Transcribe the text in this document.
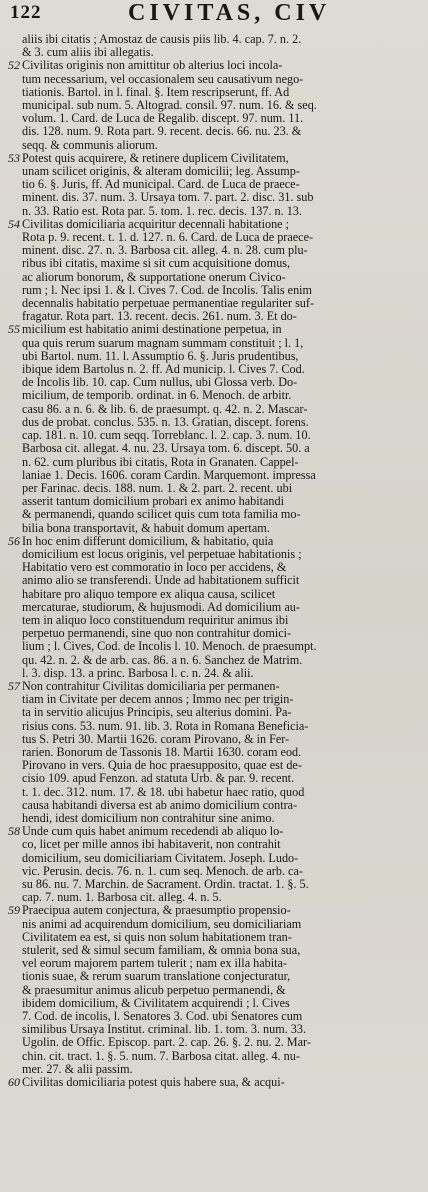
122	CIVITAS, CIV
aliis ibi citatis ; Amostaz de causis piis lib. 4. cap. 7. n. 2.
& 3. cum aliis ibi allegatis.
52 Civilitas originis non amittitur ob alterius loci incola-
tum necessarium, vel occasionalem seu causativum nego-
tiationis. Bartol. in l. final. §. Item rescripserunt, ff. Ad
municipal. sub num. 5. Altograd. consil. 97. num. 16. & seq.
volum. 1. Card. de Luca de Regalib. discept. 97. num. 11.
dis. 128. num. 9. Rota part. 9. recent. decis. 66. nu. 23. &
seqq. & communis aliorum.
53 Potest quis acquirere, & retinere duplicem Civilitatem,
unam scilicet originis, & alteram domicilii; leg. Assump-
tio 6. §. Juris, ff. Ad municipal. Card. de Luca de praece-
minent. dis. 37. num. 3. Ursaya tom. 7. part. 2. disc. 31. sub
n. 33. Ratio est. Rota par. 5. tom. 1. rec. decis. 137. n. 13.
54 Civilitas domiciliaria acquiritur decennali habitatione ;
Rota p. 9. recent. t. 1. d. 127. n. 6. Card. de Luca de praece-
minent. disc. 27. n. 3. Barbosa cit. alleg. 4. n. 28. cum plu-
ribus ibi citatis, maxime si sit cum acquisitione domus,
ac aliorum bonorum, & supportatione onerum Civico-
rum ; l. Nec ipsi 1. & l. Cives 7. Cod. de Incolis. Talis enim
decennalis habitatio perpetuae permanentiae regulariter suf-
fragatur. Rota part. 13. recent. decis. 261. num. 3. Et do-
55 micilium est habitatio animi destinatione perpetua, in
qua quis rerum suarum magnam summam constituit ; l. 1,
ubi Bartol. num. 11. l. Assumptio 6. §. Juris prudentibus,
ibique idem Bartolus n. 2. ff. Ad municip. l. Cives 7. Cod.
de Incolis lib. 10. cap. Cum nullus, ubi Glossa verb. Do-
micilium, de temporib. ordinat. in 6. Menoch. de arbitr.
casu 86. a n. 6. & lib. 6. de praesumpt. q. 42. n. 2. Mascar-
dus de probat. conclus. 535. n. 13. Gratian, discept. forens.
cap. 181. n. 10. cum seqq. Torreblanc. l. 2. cap. 3. num. 10.
Barbosa cit. allegat. 4. nu. 23. Ursaya tom. 6. discept. 50. a
n. 62. cum pluribus ibi citatis, Rota in Granaten. Cappel-
laniae 1. Decis. 1606. coram Cardin. Marquemont. impressa
per Farinac. decis. 188. num. 1. & 2. part. 2. recent. ubi
asserit tantum domicilium probari ex animo habitandi
& permanendi, quando scilicet quis cum tota familia mo-
bilia bona transportavit, & habuit domum apertam.
56 In hoc enim differunt domicilium, & habitatio, quia
domicilium est locus originis, vel perpetuae habitationis ;
Habitatio vero est commoratio in loco per accidens, &
animo alio se transferendi. Unde ad habitationem sufficit
habitare pro aliquo tempore ex aliqua causa, scilicet
mercaturae, studiorum, & hujusmodi. Ad domicilium au-
tem in aliquo loco constituendum requiritur animus ibi
perpetuo permanendi, sine quo non contrahitur domici-
lium ; l. Cives, Cod. de Incolis l. 10. Menoch. de praesumpt.
qu. 42. n. 2. & de arb. cas. 86. a n. 6. Sanchez de Matrim.
l. 3. disp. 13. a princ. Barbosa l. c. n. 24. & alii.
57 Non contrahitur Civilitas domiciliaria per permanen-
tiam in Civitate per decem annos ; Immo nec per trigin-
ta in servitio alicujus Principis, seu alterius domini. Pa-
risius cons. 53. num. 91. lib. 3. Rota in Romana Beneficia-
tus S. Petri 30. Martii 1626. coram Pirovano, & in Fer-
rarien. Bonorum de Tassonis 18. Martii 1630. coram eod.
Pirovano in vers. Quia de hoc praesupposito, quae est de-
cisio 109. apud Fenzon. ad statuta Urb. & par. 9. recent.
t. 1. dec. 312. num. 17. & 18. ubi habetur haec ratio, quod
causa habitandi diversa est ab animo domicilium contra-
hendi, idest domicilium non contrahitur sine animo.
58 Unde cum quis habet animum recedendi ab aliquo lo-
co, licet per mille annos ibi habitaverit, non contrahit
domicilium, seu domiciliariam Civitatem. Joseph. Ludo-
vic. Perusin. decis. 76. n. 1. cum seq. Menoch. de arb. ca-
su 86. nu. 7. Marchin. de Sacrament. Ordin. tractat. 1. §. 5.
cap. 7. num. 1. Barbosa cit. alleg. 4. n. 5.
59 Praecipua autem conjectura, & praesumptio propensio-
nis animi ad acquirendum domicilium, seu domiciliariam
Civilitatem ea est, si quis non solum habitationem tran-
stulerit, sed & simul secum familiam, & omnia bona sua,
vel eorum majorem partem tulerit ; nam ex illa habita-
tionis suae, & rerum suarum translatione conjecturatur,
& praesumitur animus alicub perpetuo permanendi, &
ibidem domicilium, & Civilitatem acquirendi ; l. Cives
7. Cod. de incolis, l. Senatores 3. Cod. ubi Senatores cum
similibus Ursaya Institut. criminal. lib. 1. tom. 3. num. 33.
Ugolin. de Offic. Episcop. part. 2. cap. 26. §. 2. nu. 2. Mar-
chin. cit. tract. 1. §. 5. num. 7. Barbosa citat. alleg. 4. nu-
mer. 27. & alii passim.
60 Civilitas domiciliaria potest quis habere sua, & acqui-
